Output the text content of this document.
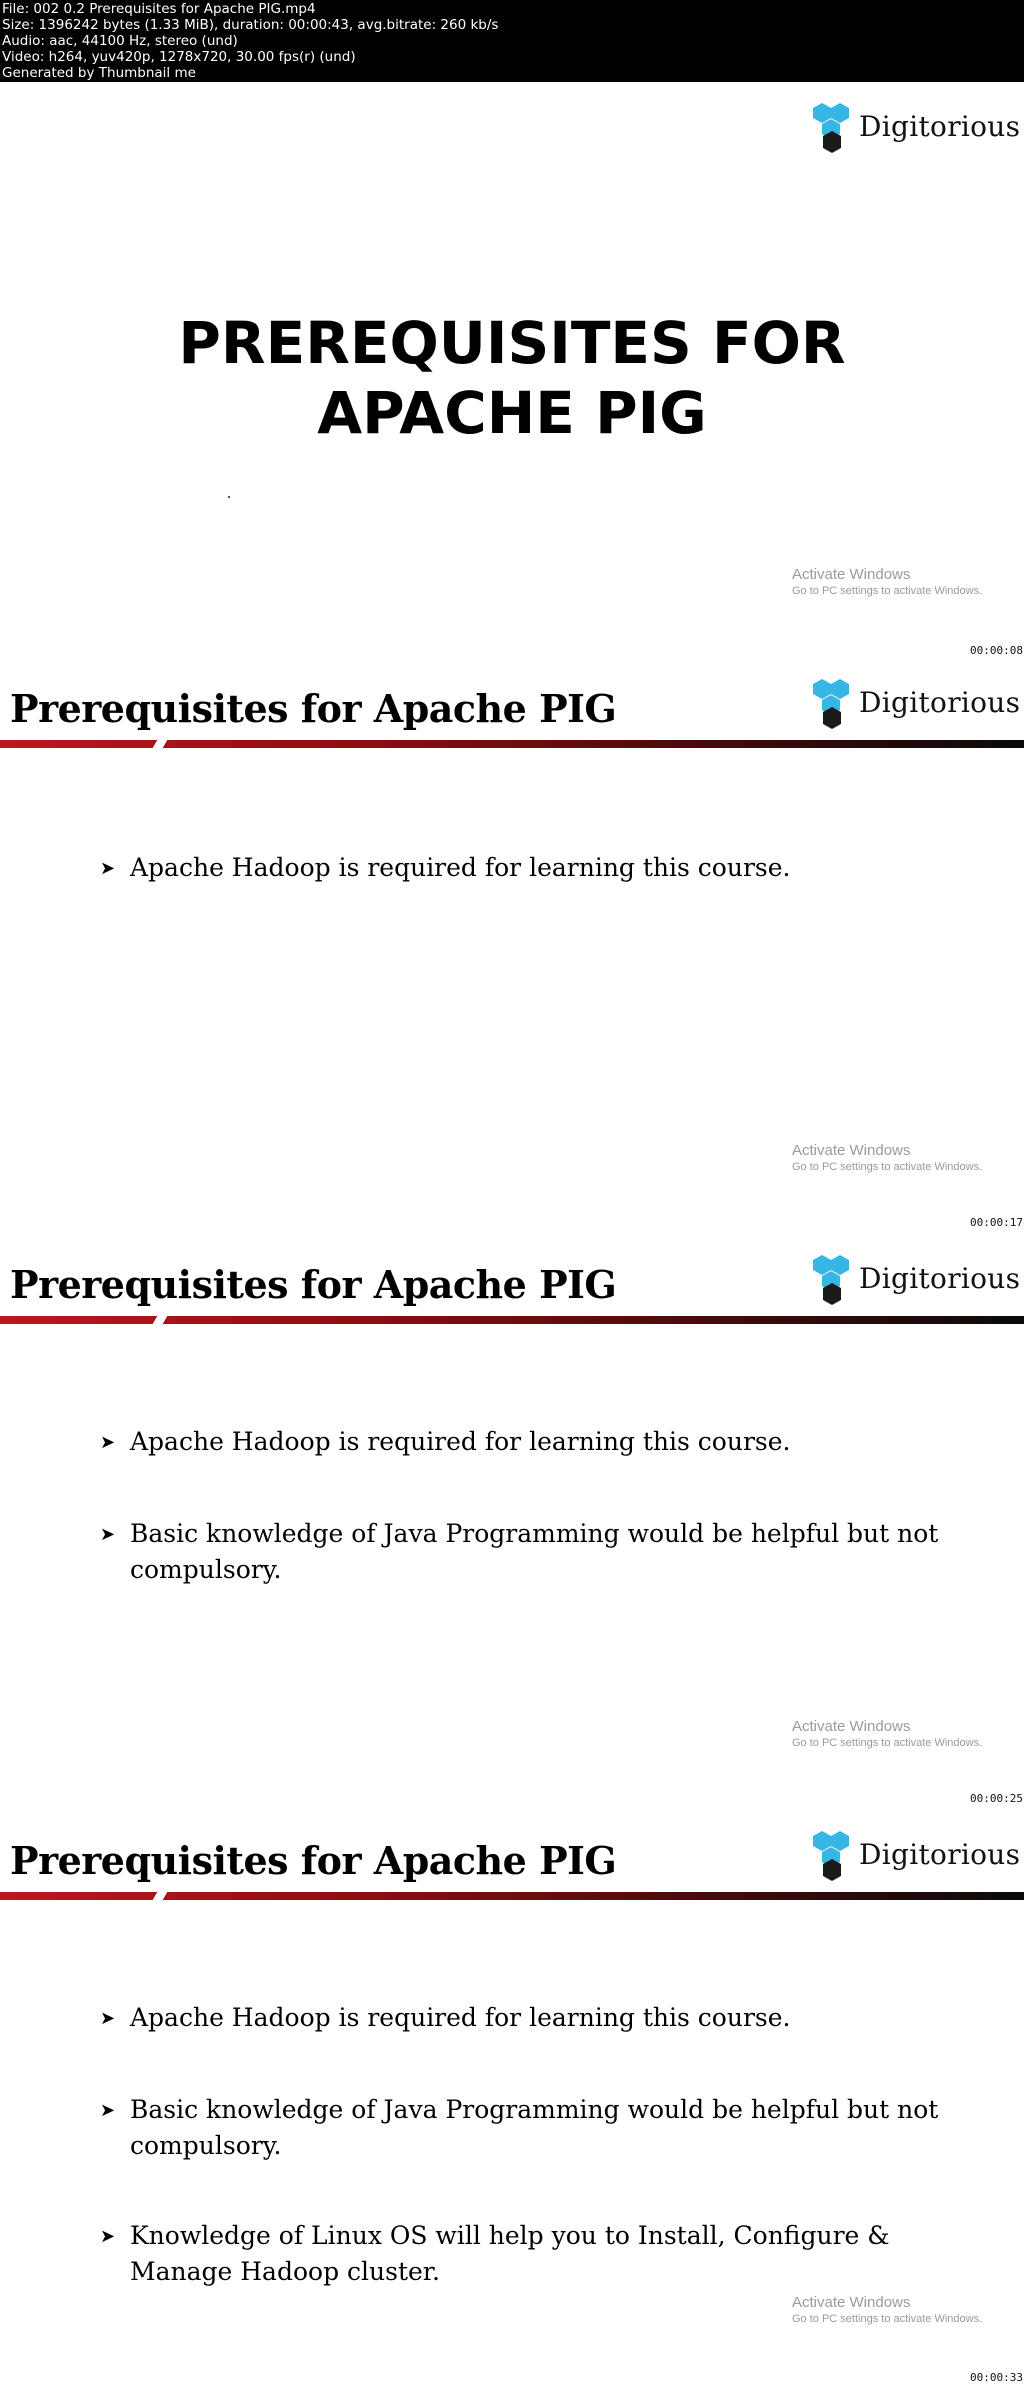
File: 002 0.2 Prerequisites for Apache PIG.mp4
Size: 1396242 bytes (1.33 MiB), duration: 00:00:43, avg.bitrate: 260 kb/s
Audio: aac, 44100 Hz, stereo (und)
Video: h264, yuv420p, 1278x720, 30.00 fps(r) (und)
Generated by Thumbnail me
Digitorious
PREREQUISITES FOR
APACHE PIG
Activate Windows
Go to PC settings to activate Windows.
00:00:08
Prerequisites for Apache PIG	Digitorious
➤ Apache Hadoop is required for learning this course.
Activate Windows
Go to PC settings to activate Windows.
00:00:17
Prerequisites for Apache PIG	Digitorious
➤ Apache Hadoop is required for learning this course.
➤ Basic knowledge of Java Programming would be helpful but not compulsory.
Activate Windows
Go to PC settings to activate Windows.
00:00:25
Prerequisites for Apache PIG	Digitorious
➤ Apache Hadoop is required for learning this course.
➤ Basic knowledge of Java Programming would be helpful but not compulsory.
➤ Knowledge of Linux OS will help you to Install, Configure & Manage Hadoop cluster.
Activate Windows
Go to PC settings to activate Windows.
00:00:33
